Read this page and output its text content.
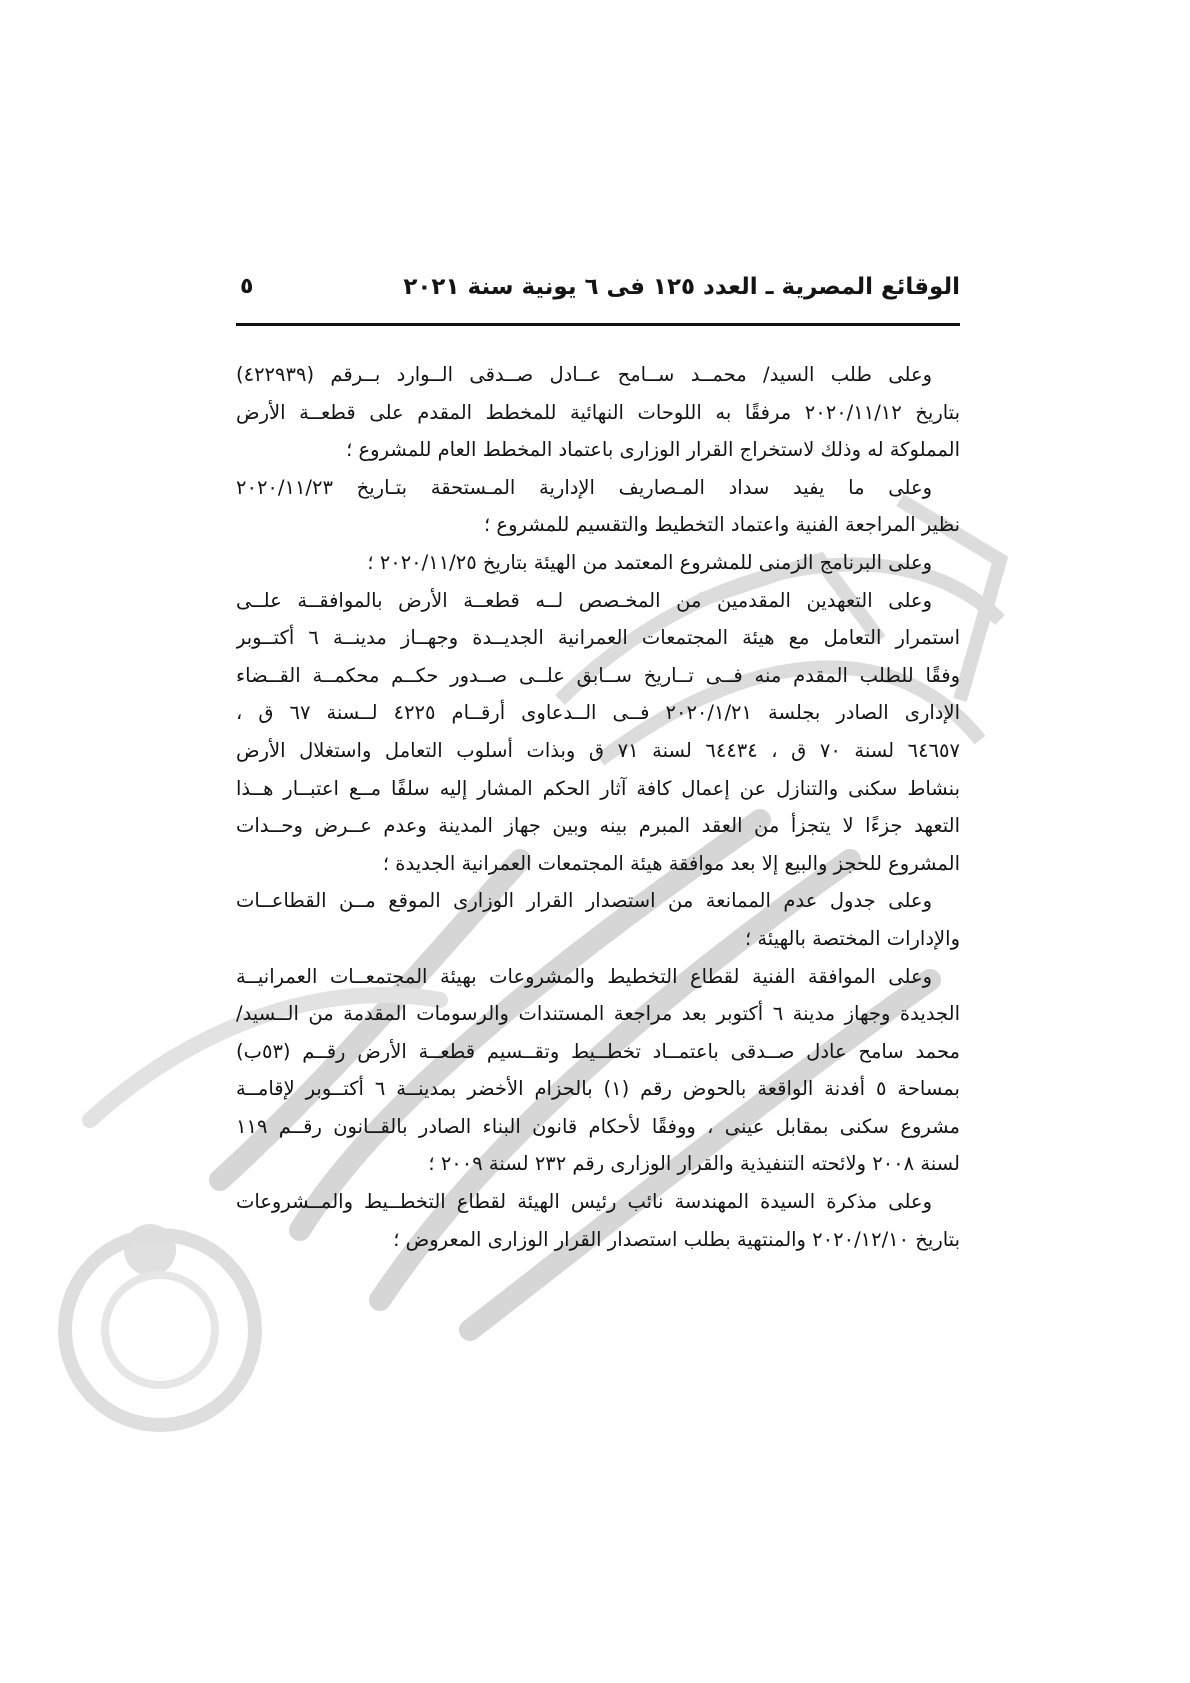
الوقائع المصرية ـ العدد ١٢٥ فى ٦ يونية سنة ٢٠٢١
٥
وعلى طلب السيد/ محمــد ســامح عــادل صــدقى الــوارد بــرقم (٤٢٢٩٣٩)
بتاريخ ٢٠٢٠/١١/١٢ مرفقًا به اللوحات النهائية للمخطط المقدم على قطعــة الأرض
المملوكة له وذلك لاستخراج القرار الوزارى باعتماد المخطط العام للمشروع ؛
وعلى ما يفيد سداد المـصاريف الإدارية المـستحقة بتـاريخ ٢٠٢٠/١١/٢٣
نظير المراجعة الفنية واعتماد التخطيط والتقسيم للمشروع ؛
وعلى البرنامج الزمنى للمشروع المعتمد من الهيئة بتاريخ ٢٠٢٠/١١/٢٥ ؛
وعلى التعهدين المقدمين من المخـصص لــه قطعــة الأرض بالموافقــة علــى
استمرار التعامل مع هيئة المجتمعات العمرانية الجديــدة وجهــاز مدينــة ٦ أكتــوبر
وفقًا للطلب المقدم منه فــى تــاريخ ســابق علــى صــدور حكــم محكمــة القــضاء
الإدارى الصادر بجلسة ٢٠٢٠/١/٢١ فــى الــدعاوى أرقــام ٤٢٢٥ لــسنة ٦٧ ق ،
٦٤٦٥٧ لسنة ٧٠ ق ، ٦٤٤٣٤ لسنة ٧١ ق وبذات أسلوب التعامل واستغلال الأرض
بنشاط سكنى والتنازل عن إعمال كافة آثار الحكم المشار إليه سلفًا مــع اعتبــار هــذا
التعهد جزءًا لا يتجزأ من العقد المبرم بينه وبين جهاز المدينة وعدم عــرض وحــدات
المشروع للحجز والبيع إلا بعد موافقة هيئة المجتمعات العمرانية الجديدة ؛
وعلى جدول عدم الممانعة من استصدار القرار الوزارى الموقع مــن القطاعــات
والإدارات المختصة بالهيئة ؛
وعلى الموافقة الفنية لقطاع التخطيط والمشروعات بهيئة المجتمعــات العمرانيــة
الجديدة وجهاز مدينة ٦ أكتوبر بعد مراجعة المستندات والرسومات المقدمة من الــسيد/
محمد سامح عادل صــدقى باعتمــاد تخطــيط وتقــسيم قطعــة الأرض رقــم (٥٣ب)
بمساحة ٥ أفدنة الواقعة بالحوض رقم (١) بالحزام الأخضر بمدينــة ٦ أكتــوبر لإقامــة
مشروع سكنى بمقابل عينى ، ووفقًا لأحكام قانون البناء الصادر بالقــانون رقــم ١١٩
لسنة ٢٠٠٨ ولائحته التنفيذية والقرار الوزارى رقم ٢٣٢ لسنة ٢٠٠٩ ؛
وعلى مذكرة السيدة المهندسة نائب رئيس الهيئة لقطاع التخطــيط والمــشروعات
بتاريخ ٢٠٢٠/١٢/١٠ والمنتهية بطلب استصدار القرار الوزارى المعروض ؛
